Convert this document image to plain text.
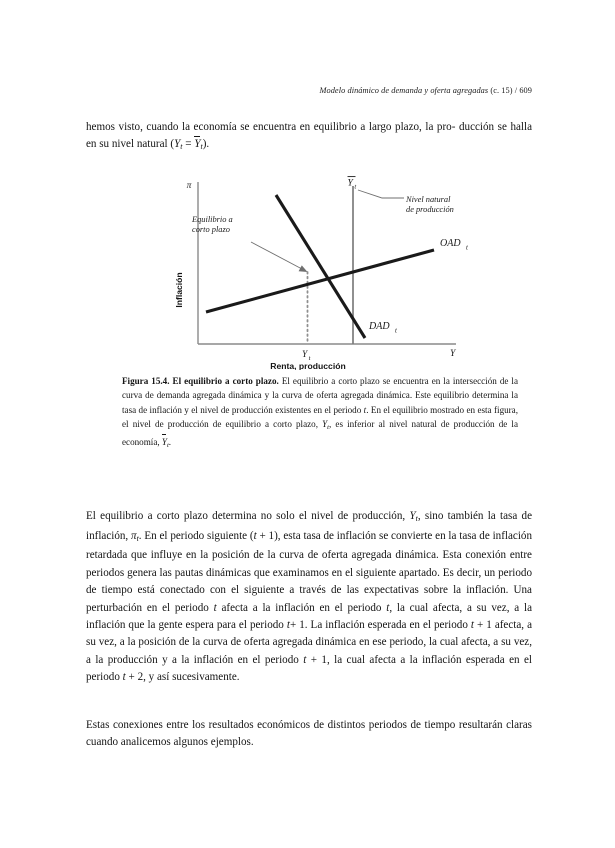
Modelo dinámico de demanda y oferta agregadas (c. 15) / 609

hemos visto, cuando la economía se encuentra en equilibrio a largo plazo, la pro- ducción se halla en su nivel natural $(Y_t = Y_t)$.

π
Inflación
Y
Y t
Y t
Nivel natural
de producción
Equilibrio a
corto plazo
OAD t
DAD t
Renta, producción

Figura 15.4. El equilibrio a corto plazo. El equilibrio a corto plazo se encuentra en la intersección de la curva de demanda agregada dinámica y la curva de oferta agregada dinámica. Este equilibrio determina la tasa de inflación y el nivel de producción existentes en el periodo t. En el equilibrio mostrado en esta figura, el nivel de producción de equilibrio a corto plazo, $Y_t$, es inferior al nivel natural de producción de la economía, $Y_t$.

El equilibrio a corto plazo determina no solo el nivel de producción, $Y_t$, sino también la tasa de inflación, $\pi_t$. En el periodo siguiente (t + 1), esta tasa de inflación se convierte en la tasa de inflación retardada que influye en la posición de la curva de oferta agregada dinámica. Esta conexión entre periodos genera las pautas dinámicas que examinamos en el siguiente apartado. Es decir, un periodo de tiempo está conectado con el siguiente a través de las expectativas sobre la inflación. Una perturbación en el periodo t afecta a la inflación en el periodo t, la cual afecta, a su vez, a la inflación que la gente espera para el periodo t+ 1. La inflación esperada en el periodo t + 1 afecta, a su vez, a la posición de la curva de oferta agregada dinámica en ese periodo, la cual afecta, a su vez, a la producción y a la inflación en el periodo t + 1, la cual afecta a la inflación esperada en el periodo t + 2, y así sucesivamente.

Estas conexiones entre los resultados económicos de distintos periodos de tiempo resultarán claras cuando analicemos algunos ejemplos.
